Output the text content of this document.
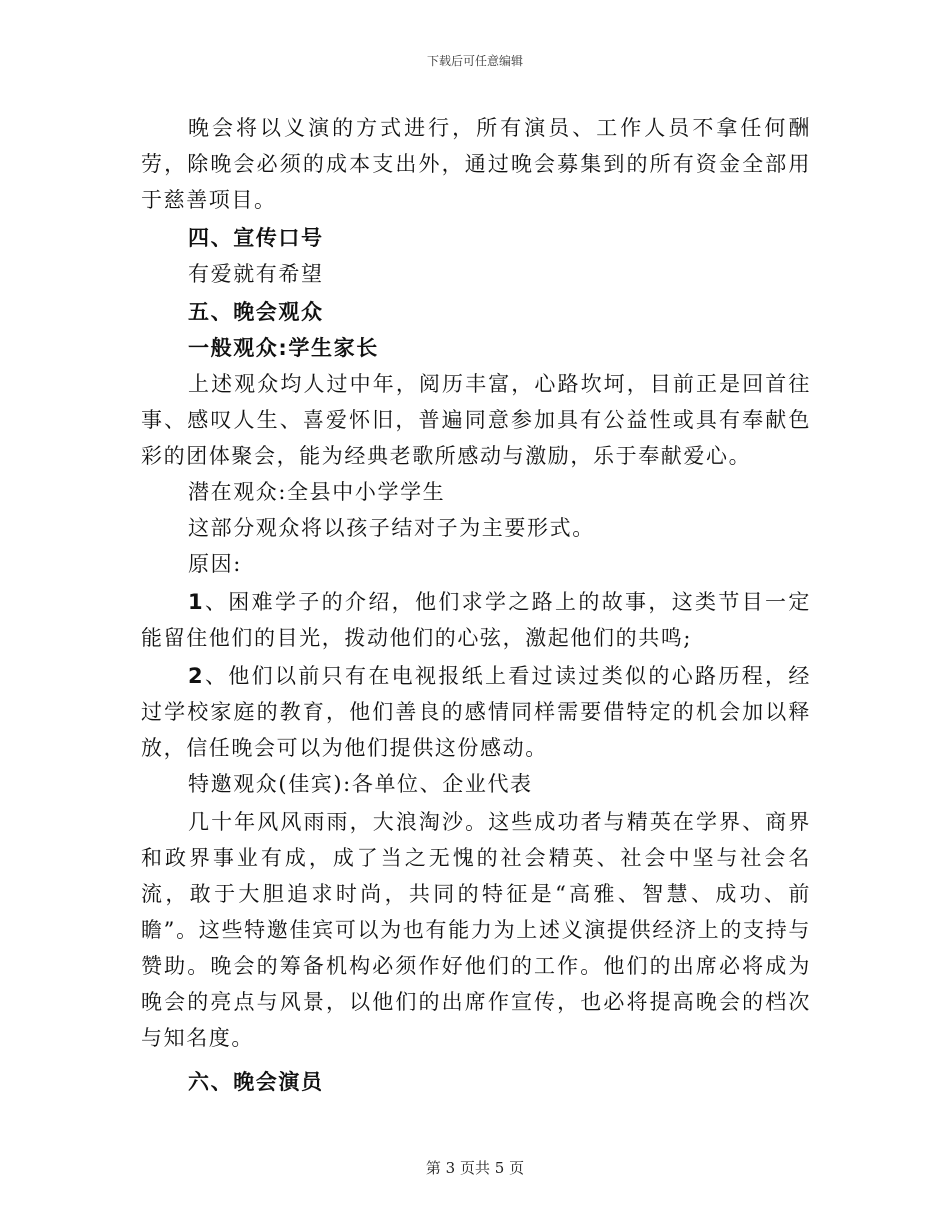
下载后可任意编辑

晚会将以义演的方式进行，所有演员、工作人员不拿任何酬劳，除晚会必须的成本支出外，通过晚会募集到的所有资金全部用于慈善项目。

四、宣传口号

有爱就有希望

五、晚会观众

一般观众:学生家长

上述观众均人过中年，阅历丰富，心路坎坷，目前正是回首往事、感叹人生、喜爱怀旧，普遍同意参加具有公益性或具有奉献色彩的团体聚会，能为经典老歌所感动与激励，乐于奉献爱心。

潜在观众:全县中小学学生

这部分观众将以孩子结对子为主要形式。

原因:

1、困难学子的介绍，他们求学之路上的故事，这类节目一定能留住他们的目光，拨动他们的心弦，激起他们的共鸣;

2、他们以前只有在电视报纸上看过读过类似的心路历程，经过学校家庭的教育，他们善良的感情同样需要借特定的机会加以释放，信任晚会可以为他们提供这份感动。

特邀观众(佳宾):各单位、企业代表

几十年风风雨雨，大浪淘沙。这些成功者与精英在学界、商界和政界事业有成，成了当之无愧的社会精英、社会中坚与社会名流，敢于大胆追求时尚，共同的特征是“高雅、智慧、成功、前瞻”。这些特邀佳宾可以为也有能力为上述义演提供经济上的支持与赞助。晚会的筹备机构必须作好他们的工作。他们的出席必将成为晚会的亮点与风景，以他们的出席作宣传，也必将提高晚会的档次与知名度。

六、晚会演员

第 3 页共 5 页
